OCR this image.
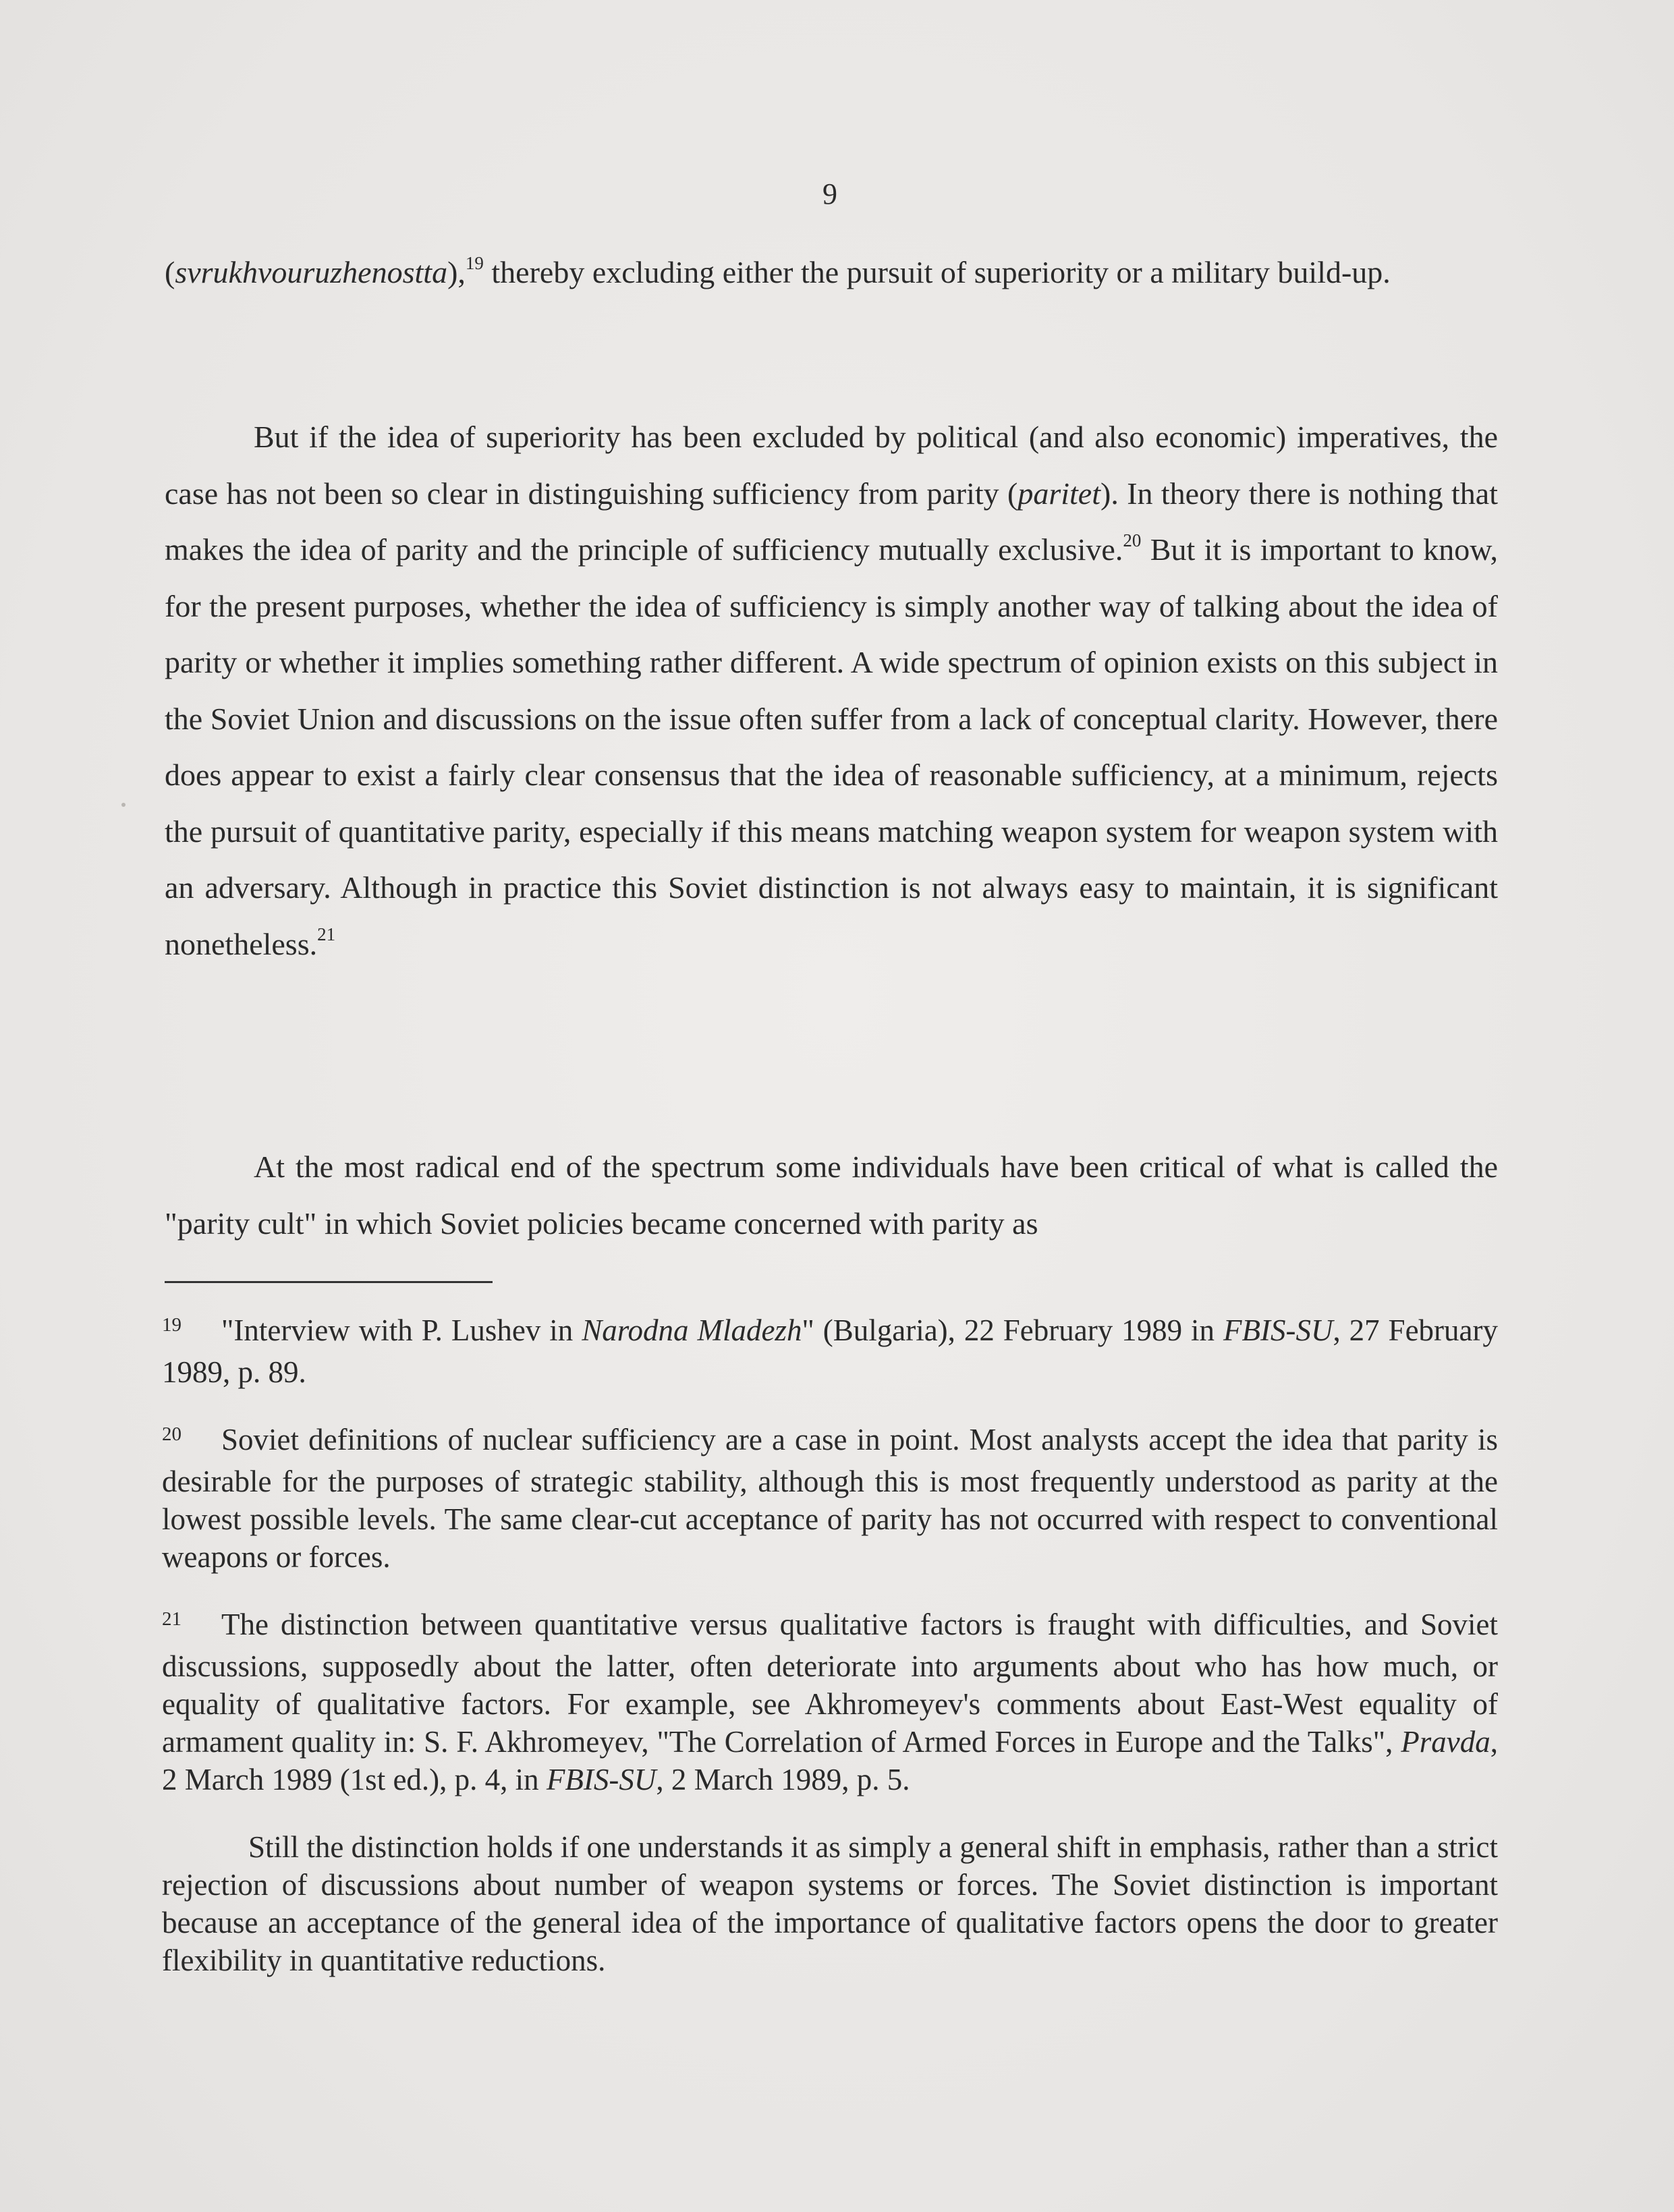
9

(svrukhvouruzhenostta),$^{19}$ thereby excluding either the pursuit of superiority or a military build-up.

But if the idea of superiority has been excluded by political (and also economic) imperatives, the case has not been so clear in distinguishing sufficiency from parity (paritet). In theory there is nothing that makes the idea of parity and the principle of sufficiency mutually exclusive.$^{20}$ But it is important to know, for the present purposes, whether the idea of sufficiency is simply another way of talking about the idea of parity or whether it implies something rather different. A wide spectrum of opinion exists on this subject in the Soviet Union and discussions on the issue often suffer from a lack of conceptual clarity. However, there does appear to exist a fairly clear consensus that the idea of reasonable sufficiency, at a minimum, rejects the pursuit of quantitative parity, especially if this means matching weapon system for weapon system with an adversary. Although in practice this Soviet distinction is not always easy to maintain, it is significant nonetheless.$^{21}$

At the most radical end of the spectrum some individuals have been critical of what is called the "parity cult" in which Soviet policies became concerned with parity as

19 "Interview with P. Lushev in Narodna Mladezh" (Bulgaria), 22 February 1989 in FBIS-SU, 27 February 1989, p. 89.

20 Soviet definitions of nuclear sufficiency are a case in point. Most analysts accept the idea that parity is desirable for the purposes of strategic stability, although this is most frequently understood as parity at the lowest possible levels. The same clear-cut acceptance of parity has not occurred with respect to conventional weapons or forces.

21 The distinction between quantitative versus qualitative factors is fraught with difficulties, and Soviet discussions, supposedly about the latter, often deteriorate into arguments about who has how much, or equality of qualitative factors. For example, see Akhromeyev's comments about East-West equality of armament quality in: S. F. Akhromeyev, "The Correlation of Armed Forces in Europe and the Talks", Pravda, 2 March 1989 (1st ed.), p. 4, in FBIS-SU, 2 March 1989, p. 5.

Still the distinction holds if one understands it as simply a general shift in emphasis, rather than a strict rejection of discussions about number of weapon systems or forces. The Soviet distinction is important because an acceptance of the general idea of the importance of qualitative factors opens the door to greater flexibility in quantitative reductions.
